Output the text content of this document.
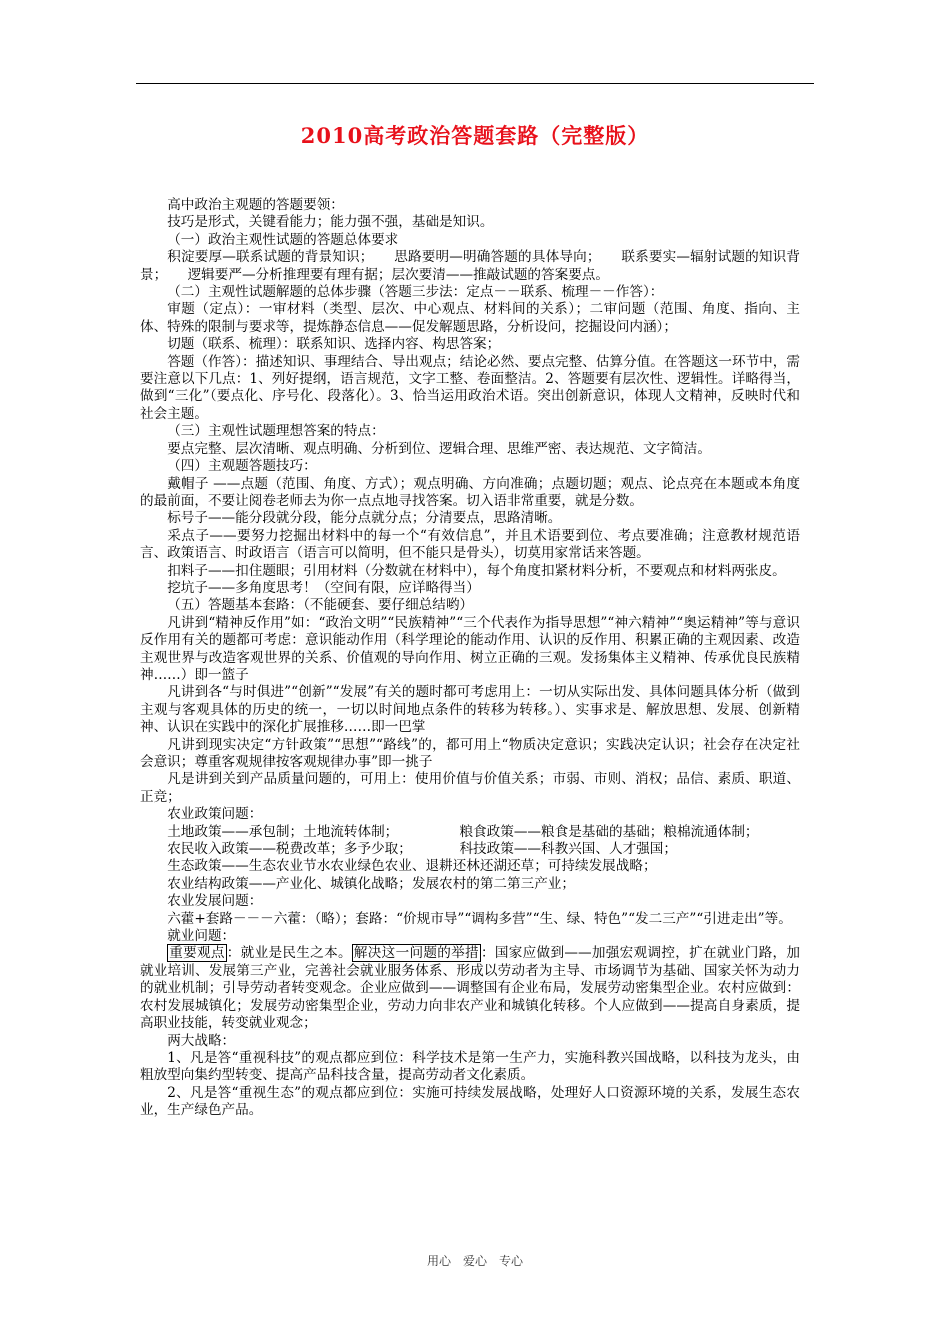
2010高考政治答题套路（完整版）

高中政治主观题的答题要领：

技巧是形式，关键看能力；能力强不强，基础是知识。

（一）政治主观性试题的答题总体要求

积淀要厚—联系试题的背景知识；　　思路要明—明确答题的具体导向；　　联系要实—辐射试题的知识背景；　　逻辑要严—分析推理要有理有据；层次要清——推敲试题的答案要点。

（二）主观性试题解题的总体步骤（答题三步法：定点－－联系、梳理－－作答）：

审题（定点）：一审材料（类型、层次、中心观点、材料间的关系）；二审问题（范围、角度、指向、主体、特殊的限制与要求等，提炼静态信息——促发解题思路，分析设问，挖掘设问内涵）；

切题（联系、梳理）：联系知识、选择内容、构思答案；

答题（作答）：描述知识、事理结合、导出观点；结论必然、要点完整、估算分值。在答题这一环节中，需要注意以下几点：1、列好提纲，语言规范，文字工整、卷面整洁。2、答题要有层次性、逻辑性。详略得当，做到“三化”（要点化、序号化、段落化）。3、恰当运用政治术语。突出创新意识，体现人文精神，反映时代和社会主题。

（三）主观性试题理想答案的特点：

要点完整、层次清晰、观点明确、分析到位、逻辑合理、思维严密、表达规范、文字简洁。

（四）主观题答题技巧：

戴帽子 ——点题（范围、角度、方式）；观点明确、方向准确；点题切题；观点、论点亮在本题或本角度的最前面，不要让阅卷老师去为你一点点地寻找答案。切入语非常重要，就是分数。

标号子——能分段就分段，能分点就分点；分清要点，思路清晰。

采点子——要努力挖掘出材料中的每一个“有效信息”，并且术语要到位、考点要准确；注意教材规范语言、政策语言、时政语言（语言可以简明，但不能只是骨头），切莫用家常话来答题。

扣料子——扣住题眼；引用材料（分数就在材料中），每个角度扣紧材料分析，不要观点和材料两张皮。

挖坑子——多角度思考！（空间有限，应详略得当）

（五）答题基本套路：（不能硬套、要仔细总结哟）

凡讲到“精神反作用”如：“政治文明”“民族精神”“三个代表作为指导思想”“神六精神”“奥运精神”等与意识反作用有关的题都可考虑：意识能动作用（科学理论的能动作用、认识的反作用、积累正确的主观因素、改造主观世界与改造客观世界的关系、价值观的导向作用、树立正确的三观。发扬集体主义精神、传承优良民族精神……）即一篮子

凡讲到各“与时俱进”“创新”“发展”有关的题时都可考虑用上：一切从实际出发、具体问题具体分析（做到主观与客观具体的历史的统一，一切以时间地点条件的转移为转移。）、实事求是、解放思想、发展、创新精神、认识在实践中的深化扩展推移……即一巴掌

凡讲到现实决定“方针政策”“思想”“路线”的，都可用上“物质决定意识；实践决定认识；社会存在决定社会意识；尊重客观规律按客观规律办事”即一挑子

凡是讲到关到产品质量问题的，可用上：使用价值与价值关系；市弱、市则、消权；品信、素质、职道、正竞；

农业政策问题：

土地政策——承包制；土地流转体制；　　　　　粮食政策——粮食是基础的基础；粮棉流通体制；

农民收入政策——税费改革；多予少取；　　　　科技政策——科教兴国、人才强国；

生态政策——生态农业节水农业绿色农业、退耕还林还湖还草；可持续发展战略；

农业结构政策——产业化、城镇化战略；发展农村的第二第三产业；

农业发展问题：

六藿+套路－－－六藿：（略）；套路：“价规市导”“调构多营”“生、绿、特色”“发二三产”“引进走出”等。

就业问题：

重要观点 ：就业是民生之本。 解决这一问题的举措 ：国家应做到——加强宏观调控，扩在就业门路，加就业培训、发展第三产业，完善社会就业服务体系、形成以劳动者为主导、市场调节为基础、国家关怀为动力的就业机制；引导劳动者转变观念。企业应做到——调整国有企业布局，发展劳动密集型企业。农村应做到：农村发展城镇化；发展劳动密集型企业，劳动力向非农产业和城镇化转移。个人应做到——提高自身素质，提高职业技能，转变就业观念；

两大战略：

1、凡是答“重视科技”的观点都应到位：科学技术是第一生产力，实施科教兴国战略，以科技为龙头，由粗放型向集约型转变、提高产品科技含量，提高劳动者文化素质。

2、凡是答“重视生态”的观点都应到位：实施可持续发展战略，处理好人口资源环境的关系，发展生态农业，生产绿色产品。

用心　爱心　专心
